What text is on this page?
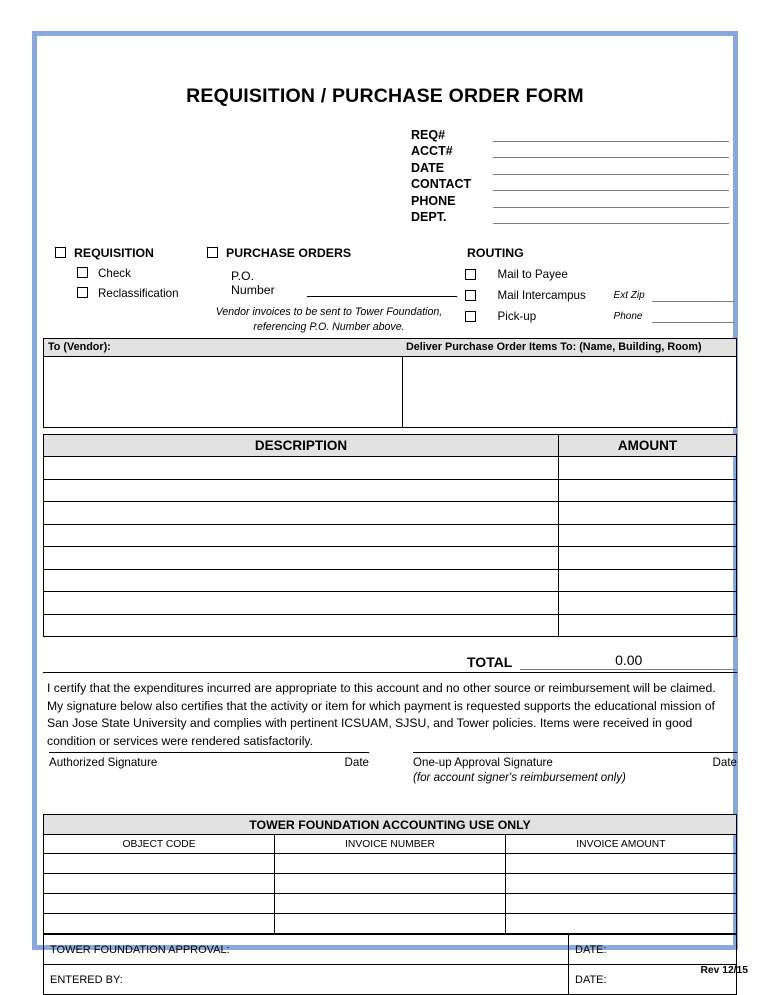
REQUISITION / PURCHASE ORDER FORM
REQ#
ACCT#
DATE
CONTACT
PHONE
DEPT.
REQUISITION
Check
Reclassification
PURCHASE ORDERS
P.O. Number
Vendor invoices to be sent to Tower Foundation,
referencing P.O. Number above.
ROUTING
Mail to Payee
Mail Intercampus	Ext Zip
Pick-up	Phone
To (Vendor):	Deliver Purchase Order Items To: (Name, Building, Room)
DESCRIPTION	AMOUNT

TOTAL	0.00
I certify that the expenditures incurred are appropriate to this account and no other source or reimbursement will be claimed. My signature below also certifies that the activity or item for which payment is requested supports the educational mission of San Jose State University and complies with pertinent ICSUAM, SJSU, and Tower policies. Items were received in good condition or services were rendered satisfactorily.
Authorized Signature	Date	One-up Approval Signature	Date
(for account signer's reimbursement only)
TOWER FOUNDATION ACCOUNTING USE ONLY		
OBJECT CODE	INVOICE NUMBER	INVOICE AMOUNT

TOWER FOUNDATION APPROVAL:	DATE:
ENTERED BY:	DATE:
Rev 12/15
